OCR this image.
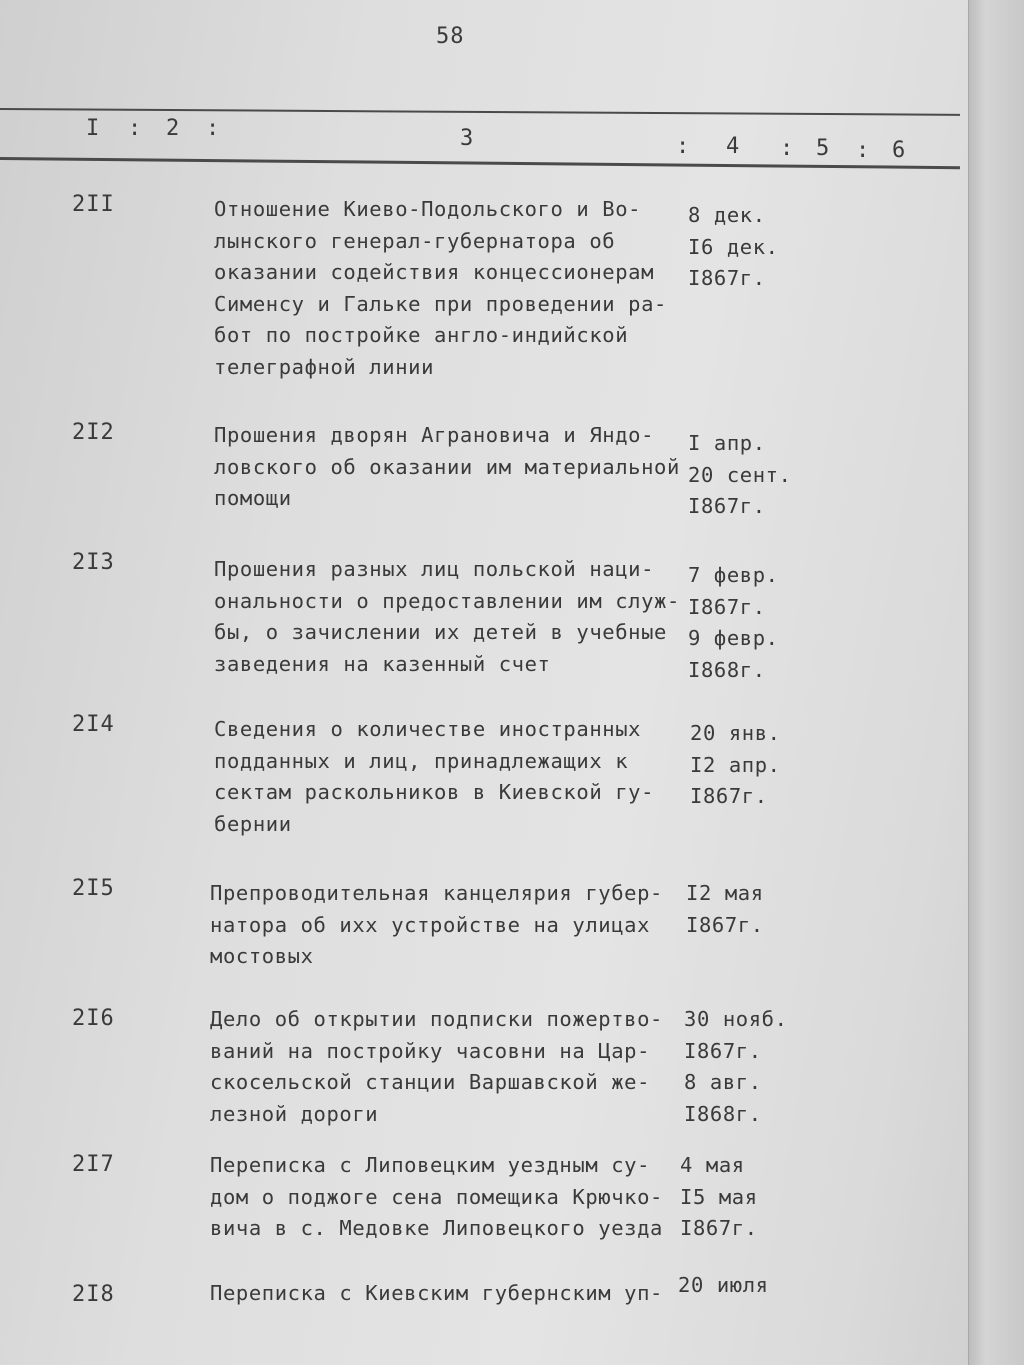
58
I : 2 :	3	: 4 : 5 : 6
2II	Отношение Киево-Подольского и Во-
лынского генерал-губернатора об
оказании содействия концессионерам
Сименсу и Гальке при проведении ра-
бот по постройке англо-индийской
телеграфной линии
8 дек.
I6 дек.
I867г.
2I2	Прошения дворян Агрaновича и Яндо-
ловского об оказании им материальной
помощи
I апр.
20 сент.
I867г.
2I3	Прошения разных лиц польской наци-
ональности о предоставлении им служ-
бы, о зачислении их детей в учебные
заведения на казенный счет
7 февр.
I867г.
9 февр.
I868г.
2I4	Сведения о количестве иностранных
подданных и лиц, принадлежащих к
сектам раскольников в Киевской гу-
бернии
20 янв.
I2 апр.
I867г.
2I5	Препроводительная канцелярия губер-
натора об ихх устройстве на улицах
мостовых
I2 мая
I867г.
2I6	Дело об открытии подписки пожертво-
ваний на постройку часовни на Цар-
скосельской станции Варшавской же-
лезной дороги
30 нояб.
I867г.
8 авг.
I868г.
2I7	Переписка с Липовецким уездным су-
дом о поджоге сена помещика Крючко-
вича в с. Медовке Липовецкого уезда
4 мая
I5 мая
I867г.
2I8	Переписка с Киевским губернским уп- 20 июля
